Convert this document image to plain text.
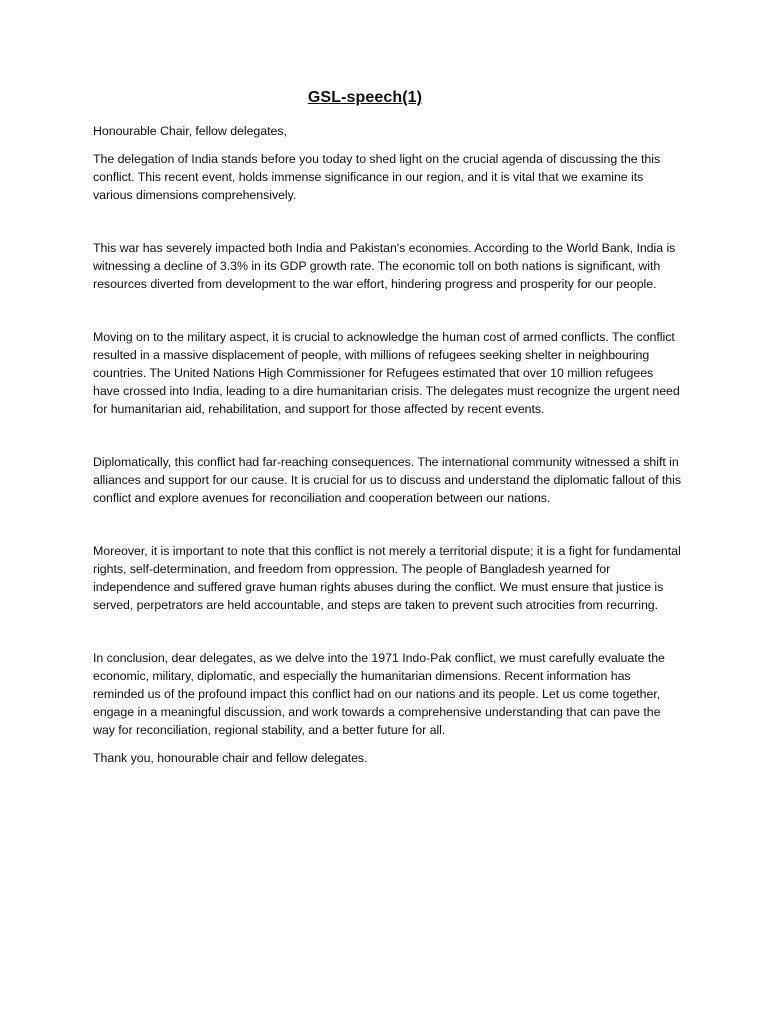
GSL-speech(1)

Honourable Chair, fellow delegates,

The delegation of India stands before you today to shed light on the crucial agenda of discussing the this conflict. This recent event, holds immense significance in our region, and it is vital that we examine its various dimensions comprehensively.

This war has severely impacted both India and Pakistan's economies. According to the World Bank, India is witnessing a decline of 3.3% in its GDP growth rate. The economic toll on both nations is significant, with resources diverted from development to the war effort, hindering progress and prosperity for our people.

Moving on to the military aspect, it is crucial to acknowledge the human cost of armed conflicts. The conflict resulted in a massive displacement of people, with millions of refugees seeking shelter in neighbouring countries. The United Nations High Commissioner for Refugees estimated that over 10 million refugees have crossed into India, leading to a dire humanitarian crisis. The delegates must recognize the urgent need for humanitarian aid, rehabilitation, and support for those affected by recent events.

Diplomatically, this conflict had far-reaching consequences. The international community witnessed a shift in alliances and support for our cause. It is crucial for us to discuss and understand the diplomatic fallout of this conflict and explore avenues for reconciliation and cooperation between our nations.

Moreover, it is important to note that this conflict is not merely a territorial dispute; it is a fight for fundamental rights, self-determination, and freedom from oppression. The people of Bangladesh yearned for independence and suffered grave human rights abuses during the conflict. We must ensure that justice is served, perpetrators are held accountable, and steps are taken to prevent such atrocities from recurring.

In conclusion, dear delegates, as we delve into the 1971 Indo-Pak conflict, we must carefully evaluate the economic, military, diplomatic, and especially the humanitarian dimensions. Recent information has reminded us of the profound impact this conflict had on our nations and its people. Let us come together, engage in a meaningful discussion, and work towards a comprehensive understanding that can pave the way for reconciliation, regional stability, and a better future for all.

Thank you, honourable chair and fellow delegates.
